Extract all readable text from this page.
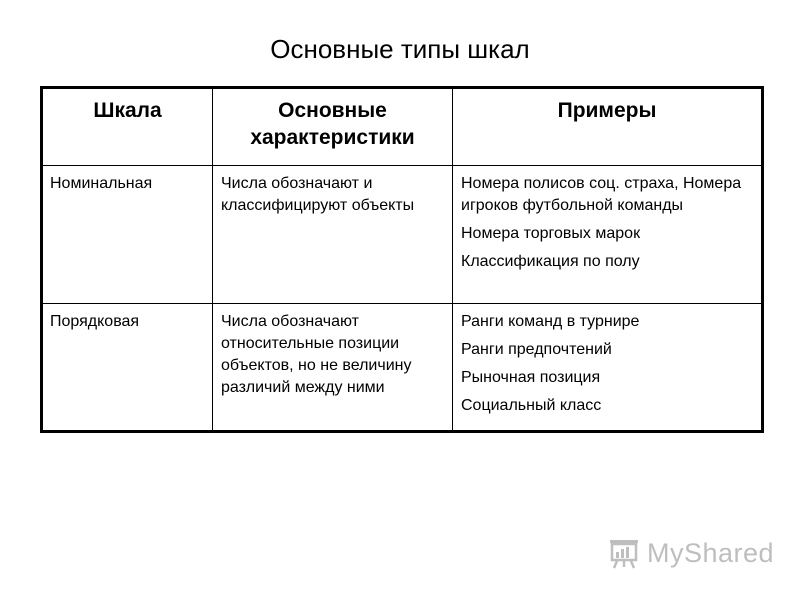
Основные типы шкал
Шкала	Основные характеристики	Примеры
Номинальная	Числа обозначают и классифицируют объекты	Номера полисов соц. страха, Номера игроков футбольной команды
Номера торговых марок
Классификация по полу

Порядковая	Числа обозначают относительные позиции объектов, но не величину различий между ними	Ранги команд в турнире
Ранги предпочтений
Рыночная позиция
Социальный класс
MyShared
